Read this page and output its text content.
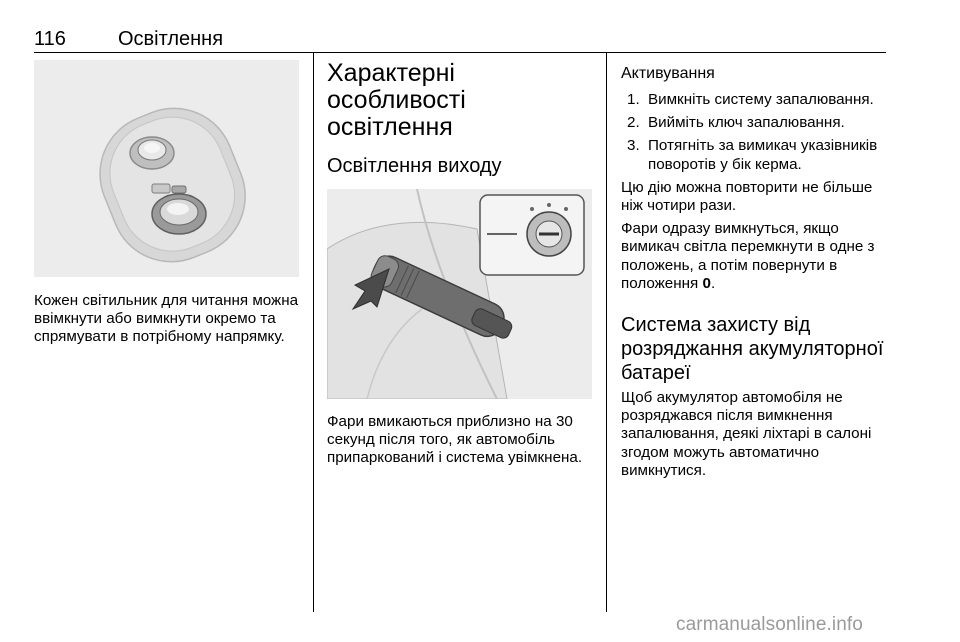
116	Освітлення

Кожен світильник для читання можна ввімкнути або вимкнути окремо та спрямувати в потрібному напрямку.

Характерні особливості освітлення
Освітлення виходу

Фари вмикаються приблизно на 30 секунд після того, як автомобіль припаркований і система увімкнена.

Активування
1. Вимкніть систему запалювання.
2. Вийміть ключ запалювання.
3. Потягніть за вимикач указівників поворотів у бік керма.

Цю дію можна повторити не більше ніж чотири рази.

Фари одразу вимкнуться, якщо вимикач світла перемкнути в одне з положень, а потім повернути в положення 0.

Система захисту від розряджання акумуляторної батареї

Щоб акумулятор автомобіля не розряджався після вимкнення запалювання, деякі ліхтарі в салоні згодом можуть автоматично вимкнутися.

carmanualsonline.info
